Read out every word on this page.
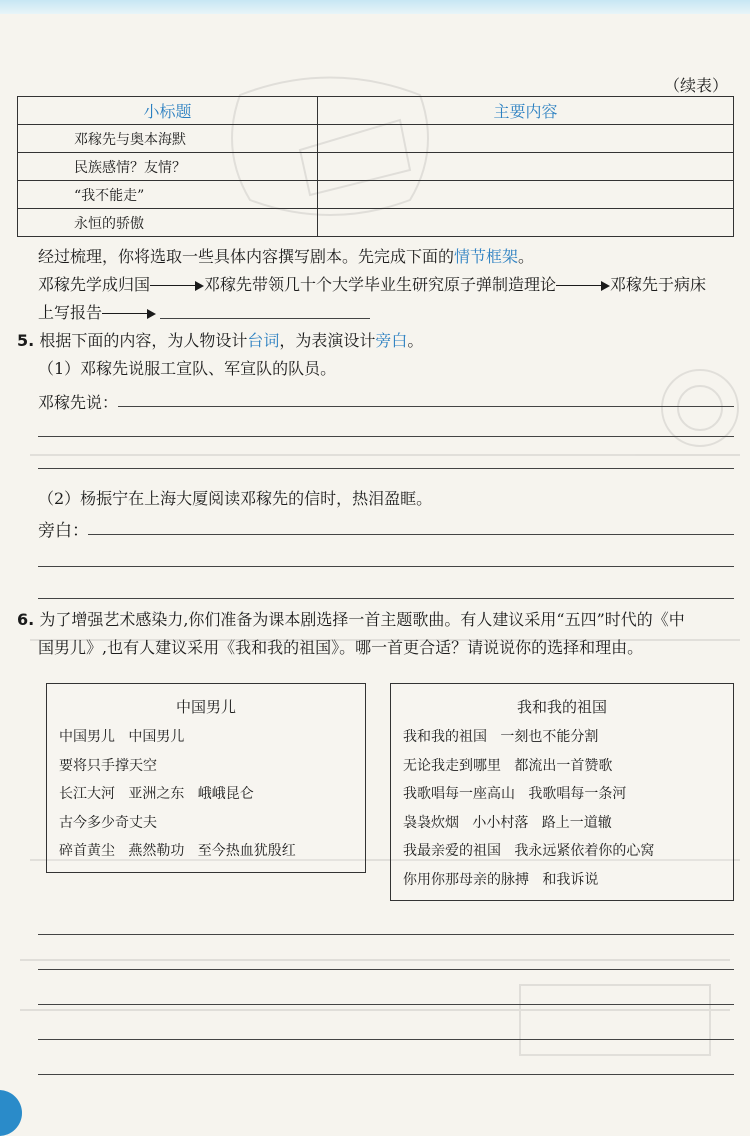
（续表）
小标题	主要内容
邓稼先与奥本海默	
民族感情？友情？	
“我不能走”	
永恒的骄傲	
经过梳理，你将选取一些具体内容撰写剧本。先完成下面的情节框架。
邓稼先学成归国	邓稼先带领几十个大学毕业生研究原子弹制造理论	邓稼先于病床
上写报告
5. 根据下面的内容，为人物设计台词，为表演设计旁白。
（1）邓稼先说服工宣队、军宣队的队员。
邓稼先说：
（2）杨振宁在上海大厦阅读邓稼先的信时，热泪盈眶。
旁白：
6. 为了增强艺术感染力,你们准备为课本剧选择一首主题歌曲。有人建议采用“五四”时代的《中
国男儿》,也有人建议采用《我和我的祖国》。哪一首更合适？请说说你的选择和理由。
中国男儿
中国男儿   中国男儿
要将只手撑天空
长江大河   亚洲之东   峨峨昆仑
古今多少奇丈夫
碎首黄尘   燕然勒功   至今热血犹殷红
我和我的祖国
我和我的祖国   一刻也不能分割
无论我走到哪里   都流出一首赞歌
我歌唱每一座高山   我歌唱每一条河
袅袅炊烟   小小村落   路上一道辙
我最亲爱的祖国   我永远紧依着你的心窝
你用你那母亲的脉搏   和我诉说
